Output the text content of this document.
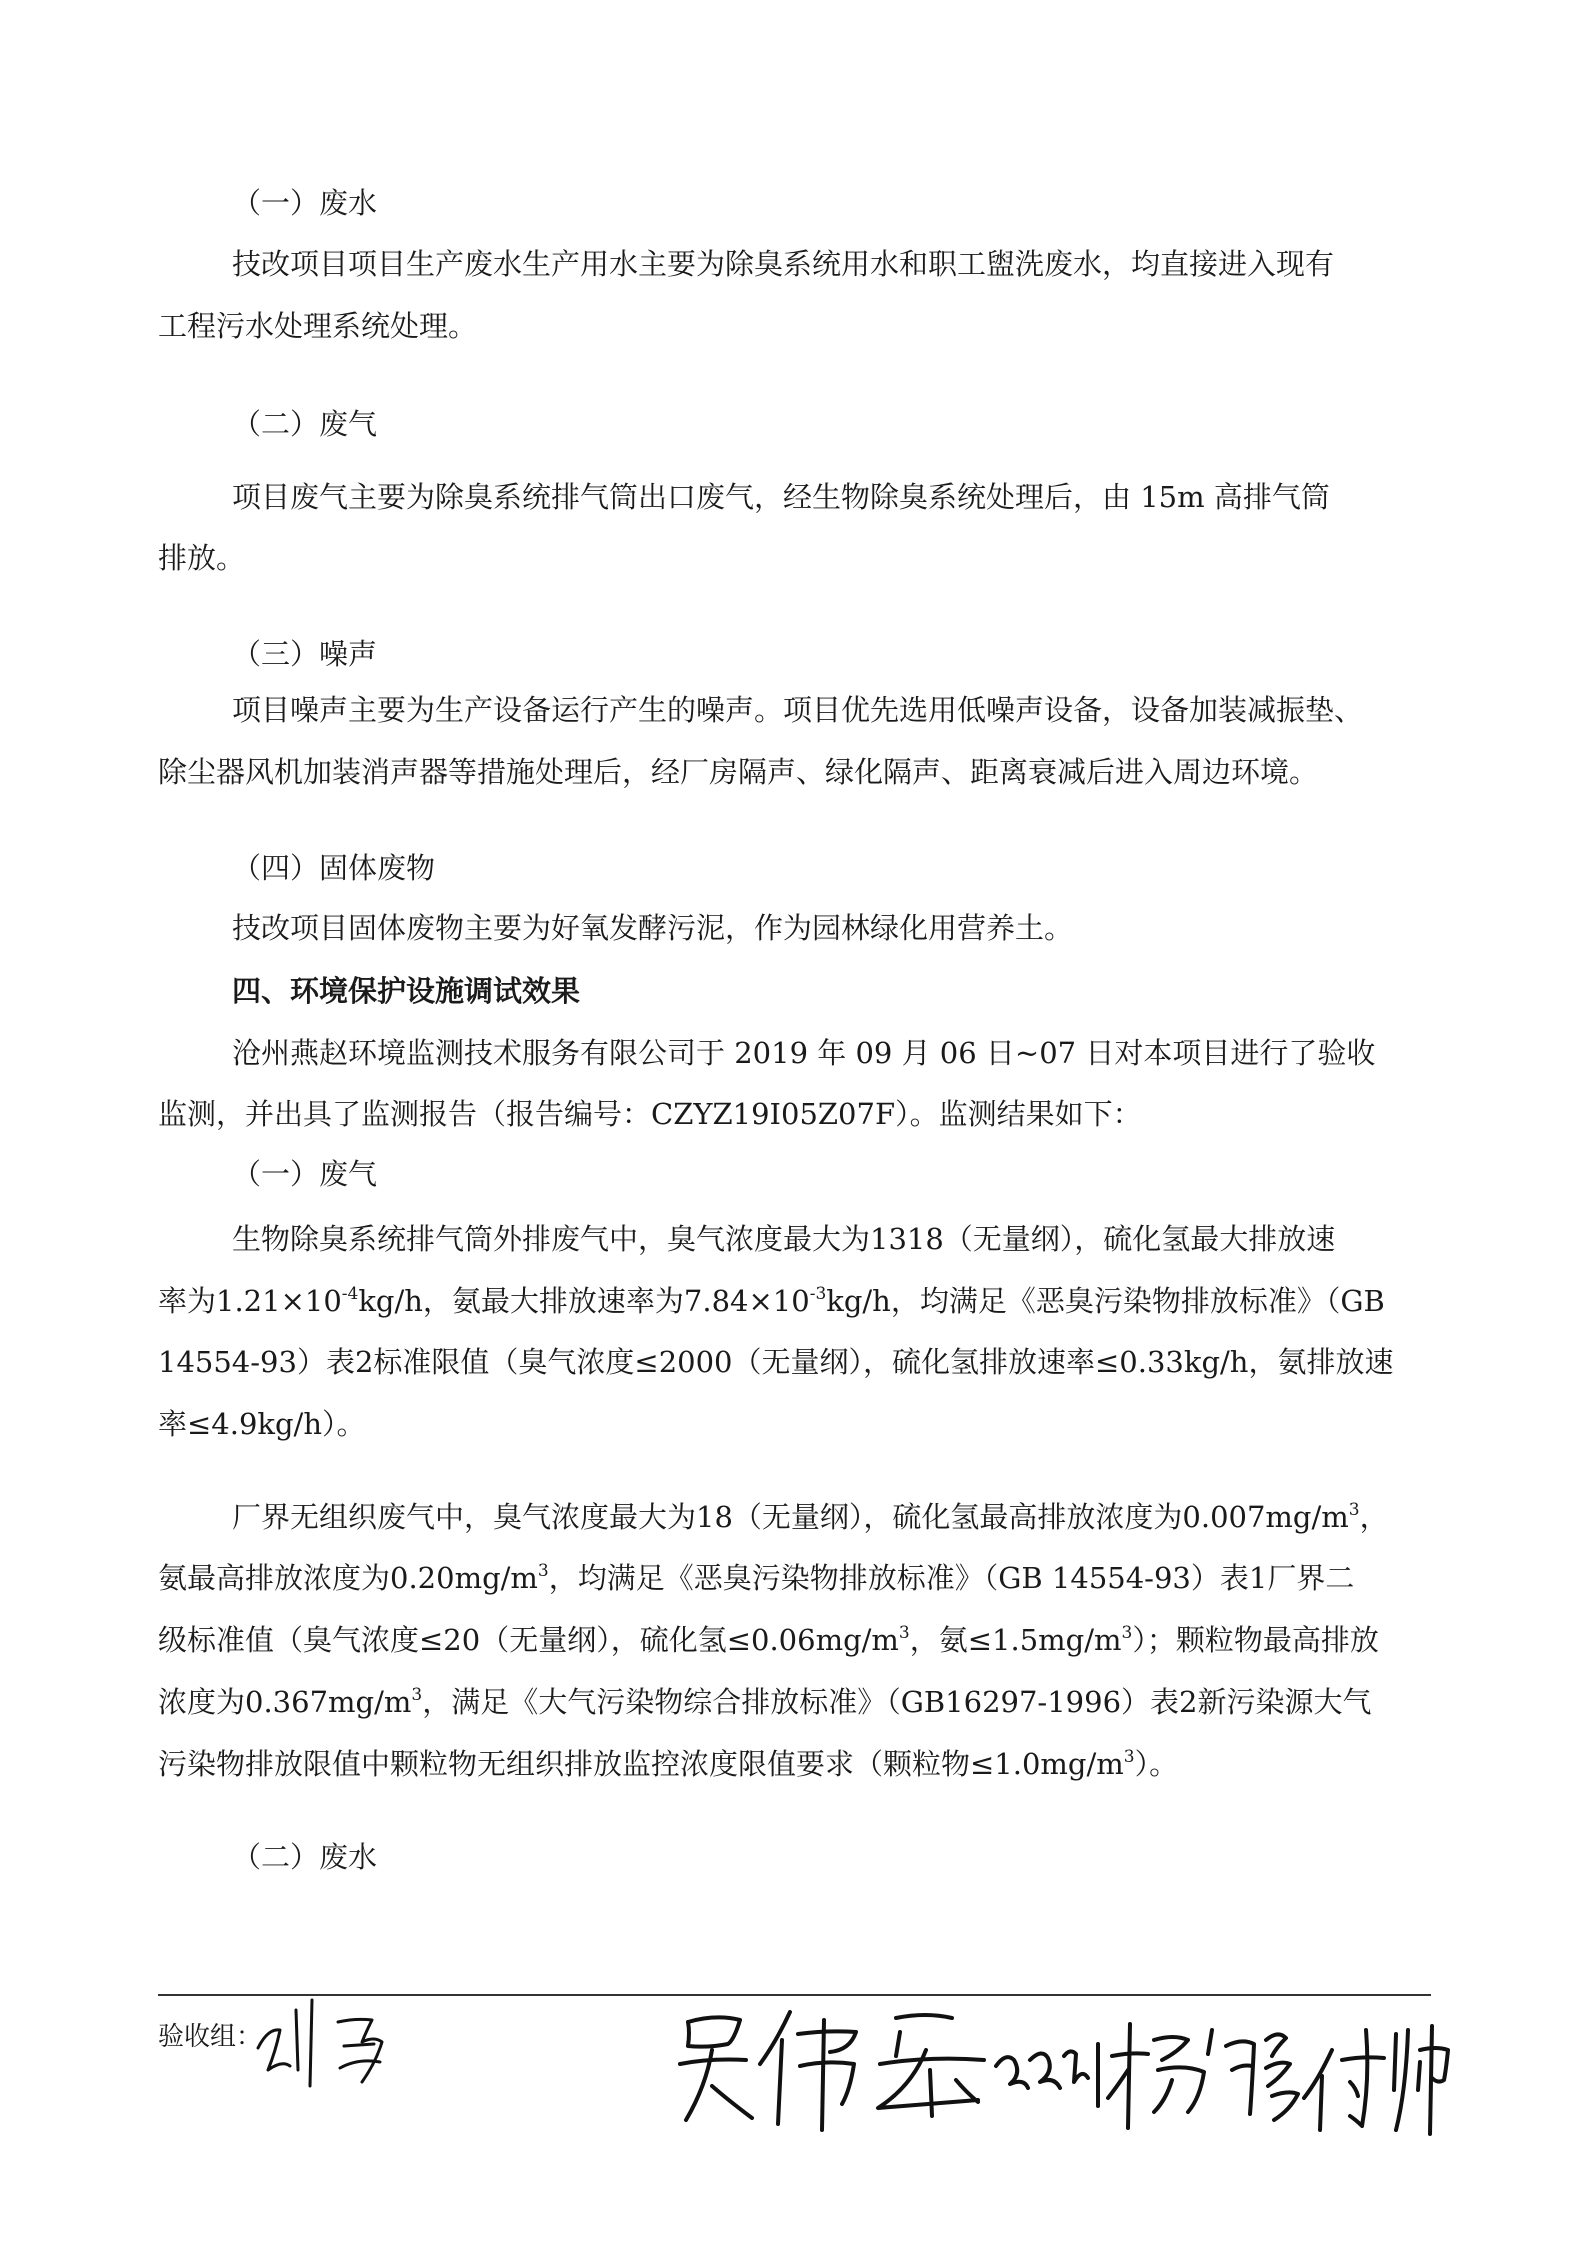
（一）废水
技改项目项目生产废水生产用水主要为除臭系统用水和职工盥洗废水，均直接进入现有
工程污水处理系统处理。
（二）废气
项目废气主要为除臭系统排气筒出口废气，经生物除臭系统处理后，由 15m 高排气筒
排放。
（三）噪声
项目噪声主要为生产设备运行产生的噪声。项目优先选用低噪声设备，设备加装减振垫、
除尘器风机加装消声器等措施处理后，经厂房隔声、绿化隔声、距离衰减后进入周边环境。
（四）固体废物
技改项目固体废物主要为好氧发酵污泥，作为园林绿化用营养土。
四、环境保护设施调试效果
沧州燕赵环境监测技术服务有限公司于 2019 年 09 月 06 日~07 日对本项目进行了验收
监测，并出具了监测报告（报告编号：CZYZ19I05Z07F）。监测结果如下：
（一）废气
生物除臭系统排气筒外排废气中，臭气浓度最大为1318（无量纲），硫化氢最大排放速
率为$1.21\times 10^{-4}kg/h$，氨最大排放速率为$7.84\times 10^{-3}kg/h$，均满足《恶臭污染物排放标准》（GB
14554-93）表2标准限值（臭气浓度≤2000（无量纲），硫化氢排放速率≤0.33kg/h，氨排放速
率≤4.9kg/h）。
厂界无组织废气中，臭气浓度最大为18（无量纲），硫化氢最高排放浓度为$0.007mg/m^3$，
氨最高排放浓度为$0.20mg/m^3$，均满足《恶臭污染物排放标准》（GB 14554-93）表1厂界二
级标准值（臭气浓度≤20（无量纲），硫化氢$\le 0.06mg/m^3$，氨$\le 1.5mg/m^3$）；颗粒物最高排放
浓度为$0.367mg/m^3$，满足《大气污染物综合排放标准》（GB16297-1996）表2新污染源大气
污染物排放限值中颗粒物无组织排放监控浓度限值要求（颗粒物$\le 1.0mg/m^3$）。
（二）废水
验收组：
